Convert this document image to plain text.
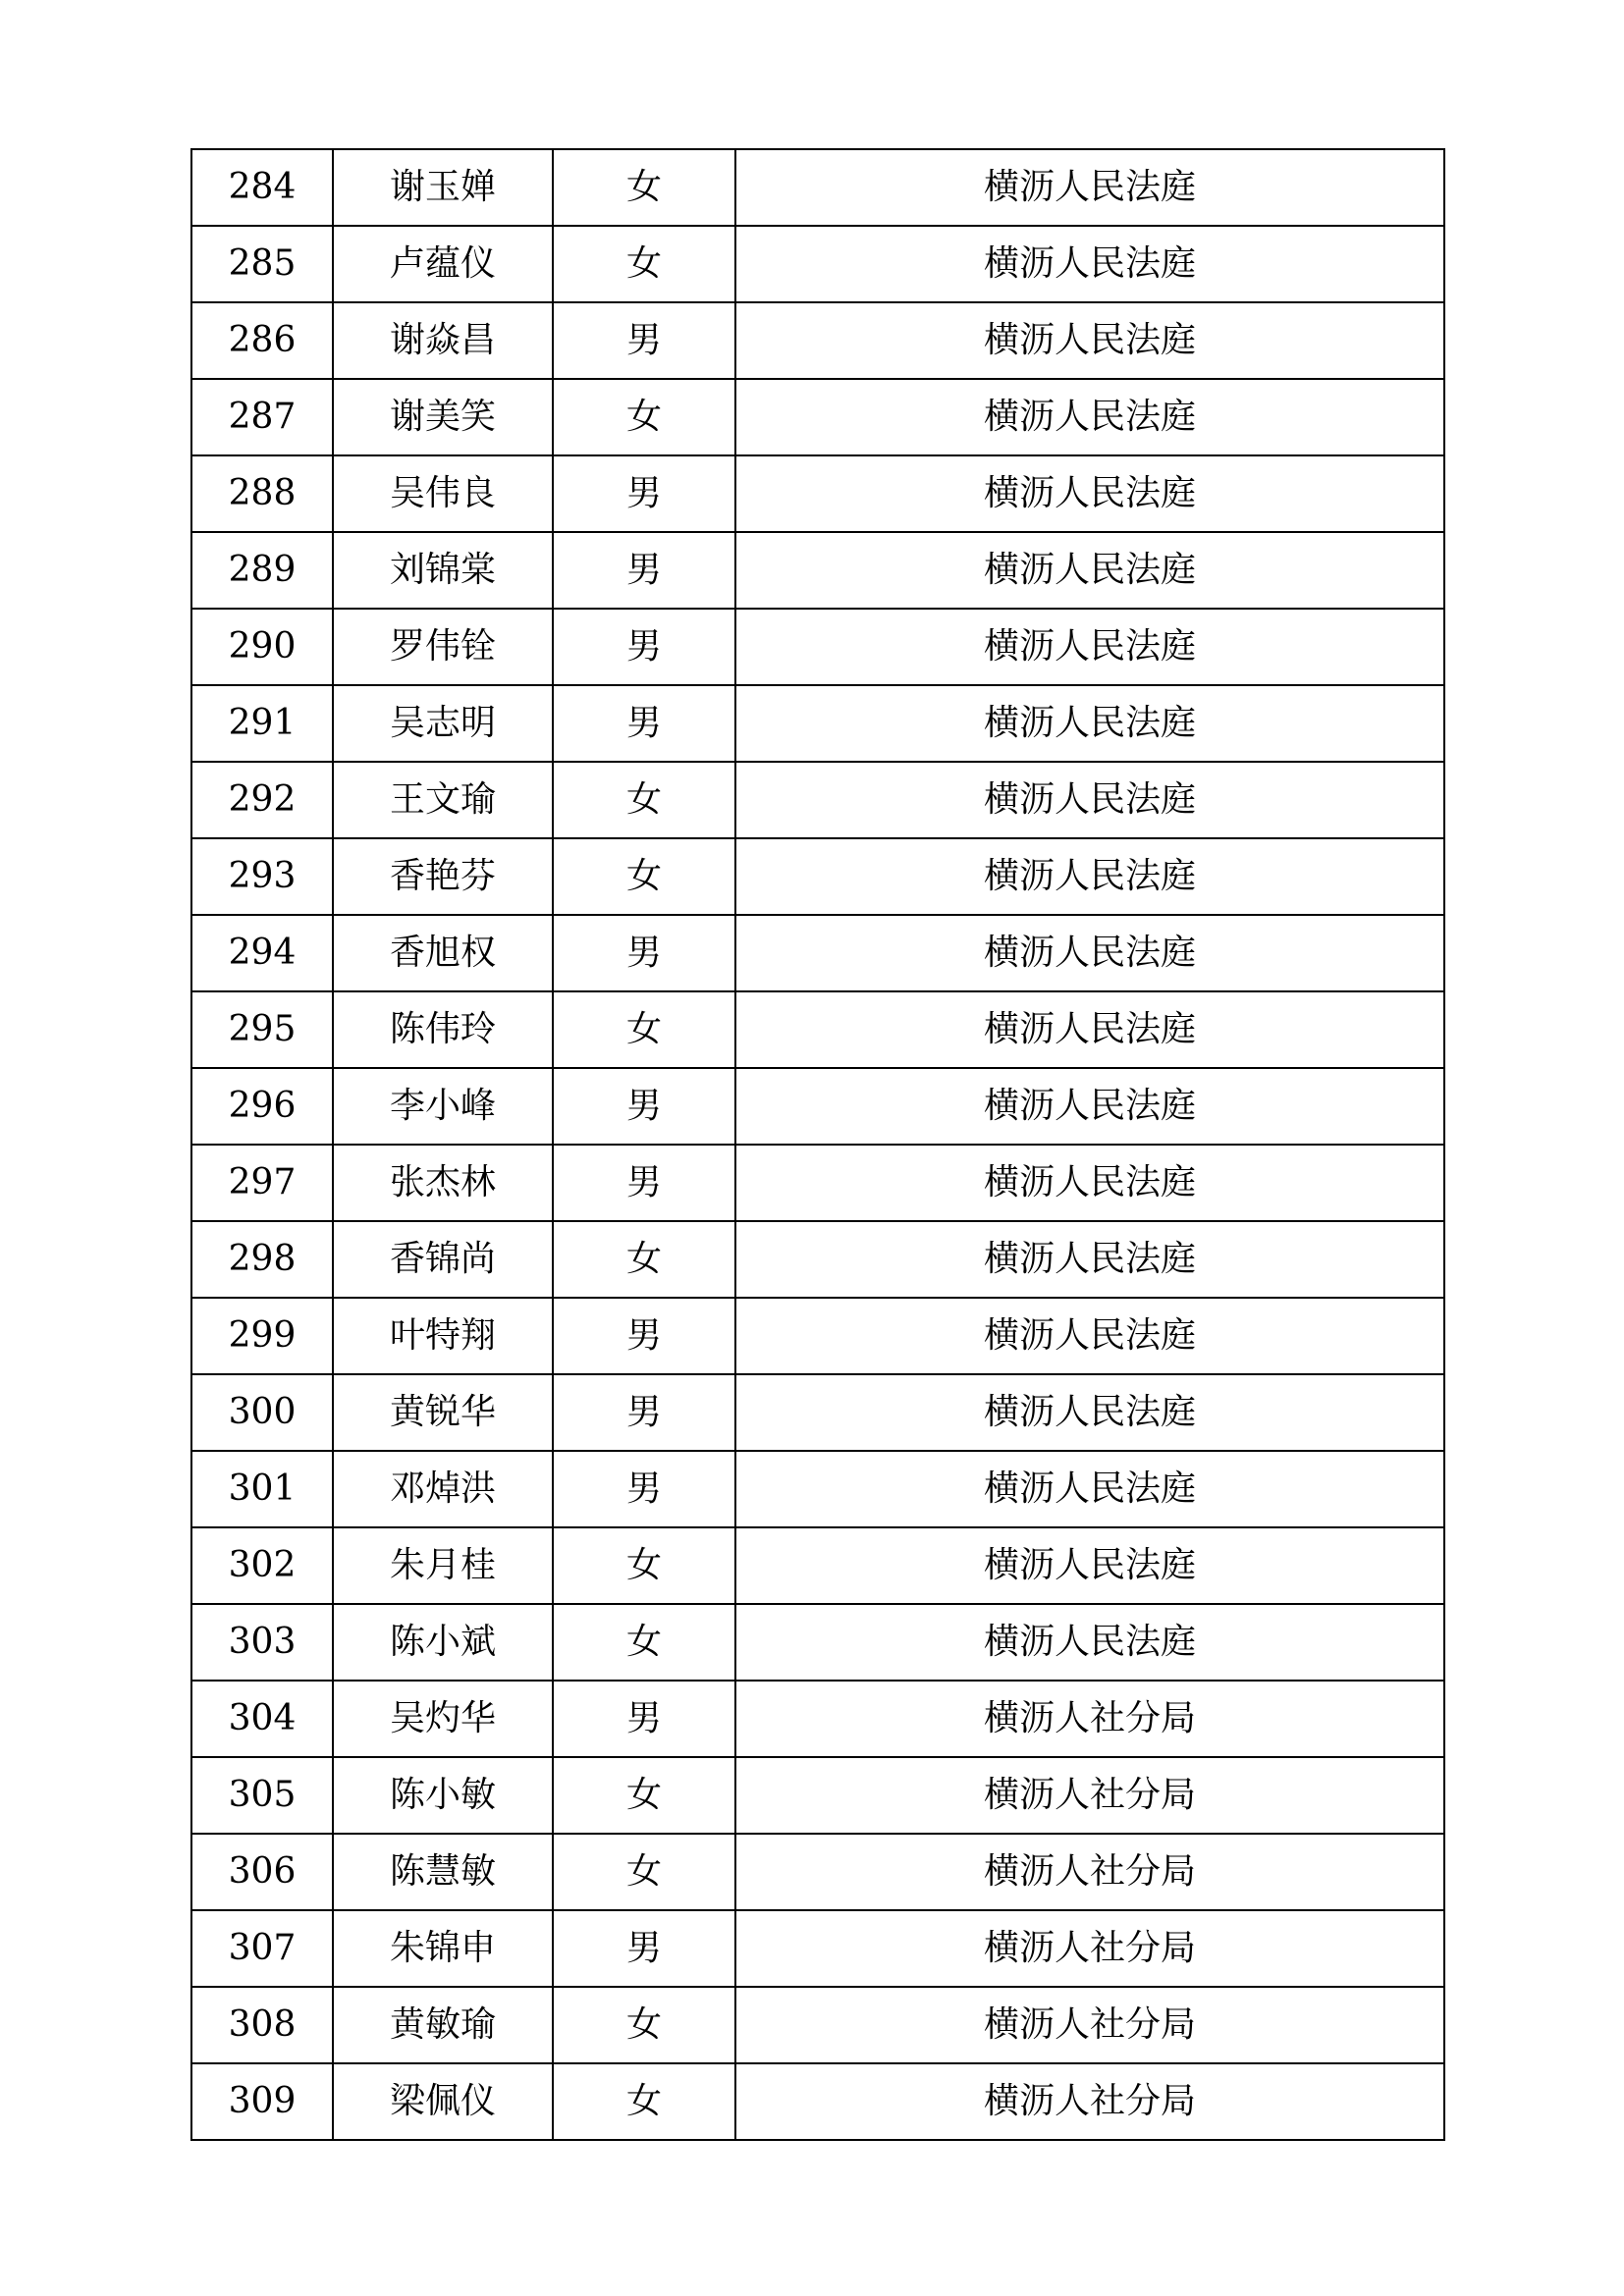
284	谢玉婵	女	横沥人民法庭
285	卢蕴仪	女	横沥人民法庭
286	谢焱昌	男	横沥人民法庭
287	谢美笑	女	横沥人民法庭
288	吴伟良	男	横沥人民法庭
289	刘锦棠	男	横沥人民法庭
290	罗伟铨	男	横沥人民法庭
291	吴志明	男	横沥人民法庭
292	王文瑜	女	横沥人民法庭
293	香艳芬	女	横沥人民法庭
294	香旭权	男	横沥人民法庭
295	陈伟玲	女	横沥人民法庭
296	李小峰	男	横沥人民法庭
297	张杰林	男	横沥人民法庭
298	香锦尚	女	横沥人民法庭
299	叶特翔	男	横沥人民法庭
300	黄锐华	男	横沥人民法庭
301	邓焯洪	男	横沥人民法庭
302	朱月桂	女	横沥人民法庭
303	陈小斌	女	横沥人民法庭
304	吴灼华	男	横沥人社分局
305	陈小敏	女	横沥人社分局
306	陈慧敏	女	横沥人社分局
307	朱锦申	男	横沥人社分局
308	黄敏瑜	女	横沥人社分局
309	梁佩仪	女	横沥人社分局
